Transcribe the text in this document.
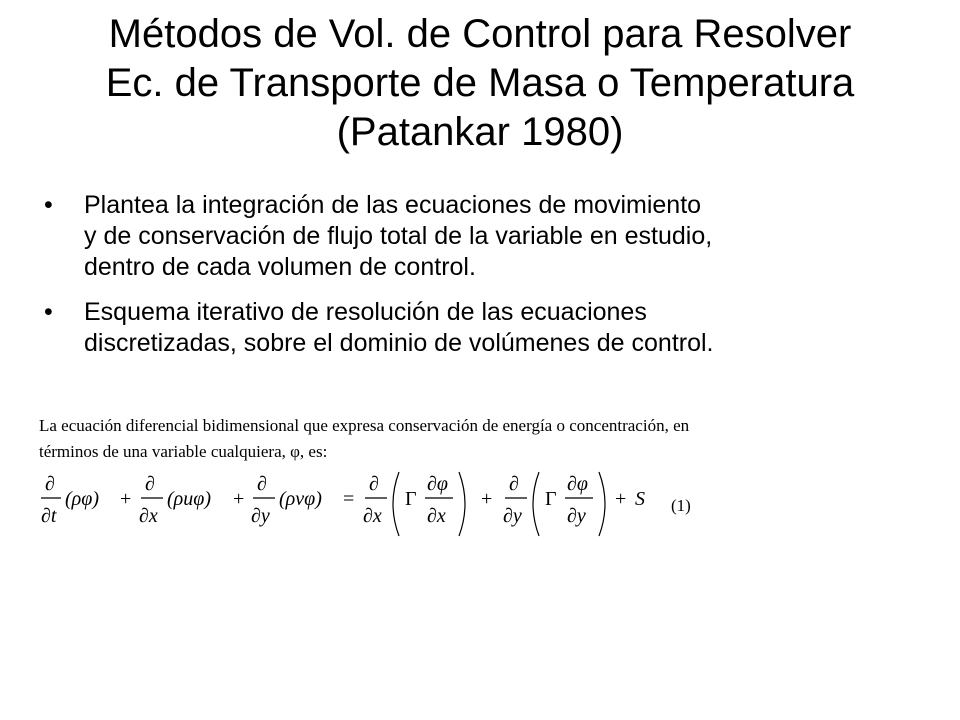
Métodos de Vol. de Control para Resolver
Ec. de Transporte de Masa o Temperatura
(Patankar 1980)
• Plantea la integración de las ecuaciones de movimiento
y de conservación de flujo total de la variable en estudio,
dentro de cada volumen de control.
• Esquema iterativo de resolución de las ecuaciones
discretizadas, sobre el dominio de volúmenes de control.
La ecuación diferencial bidimensional que expresa conservación de energía o concentración, en
términos de una variable cualquiera, φ, es:
∂
∂t
(ρφ) +
∂
∂x
(ρuφ) +
∂
∂y
(ρvφ) =
∂
∂x
Γ
∂φ
∂x
+
∂
∂y
Γ
∂φ
∂y
+ S (1)
